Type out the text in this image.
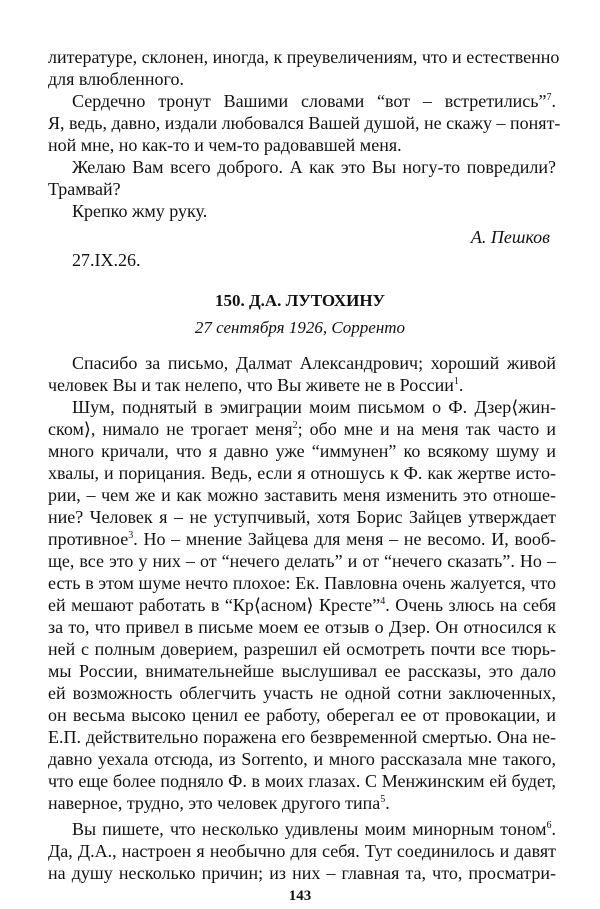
литературе, склонен, иногда, к преувеличениям, что и естественно
для влюбленного.
Сердечно тронут Вашими словами “вот – встретились”$^7$.
Я, ведь, давно, издали любовался Вашей душой, не скажу – понят-
ной мне, но как-то и чем-то радовавшей меня.
Желаю Вам всего доброго. А как это Вы ногу-то повредили?
Трамвай?
Крепко жму руку.
А. Пешков
27.IX.26.
150. Д.А. ЛУТОХИНУ
27 сентября 1926, Сорренто
Спасибо за письмо, Далмат Александрович; хороший живой
человек Вы и так нелепо, что Вы живете не в России$^1$.
Шум, поднятый в эмиграции моим письмом о Ф. Дзер⟨жин-
ском⟩, нимало не трогает меня$^2$; обо мне и на меня так часто и
много кричали, что я давно уже “иммунен” ко всякому шуму и
хвалы, и порицания. Ведь, если я отношусь к Ф. как жертве исто-
рии, – чем же и как можно заставить меня изменить это отноше-
ние? Человек я – не уступчивый, хотя Борис Зайцев утверждает
противное$^3$. Но – мнение Зайцева для меня – не весомо. И, вооб-
ще, все это у них – от “нечего делать” и от “нечего сказать”. Но –
есть в этом шуме нечто плохое: Ек. Павловна очень жалуется, что
ей мешают работать в “Кр⟨асном⟩ Кресте”$^4$. Очень злюсь на себя
за то, что привел в письме моем ее отзыв о Дзер. Он относился к
ней с полным доверием, разрешил ей осмотреть почти все тюрь-
мы России, внимательнейше выслушивал ее рассказы, это дало
ей возможность облегчить участь не одной сотни заключенных,
он весьма высоко ценил ее работу, оберегал ее от провокации, и
Е.П. действительно поражена его безвременной смертью. Она не-
давно уехала отсюда, из Sorrento, и много рассказала мне такого,
что еще более подняло Ф. в моих глазах. С Менжинским ей будет,
наверное, трудно, это человек другого типа$^5$.
Вы пишете, что несколько удивлены моим минорным тоном$^6$.
Да, Д.А., настроен я необычно для себя. Тут соединилось и давят
на душу несколько причин; из них – главная та, что, просматри-
143
